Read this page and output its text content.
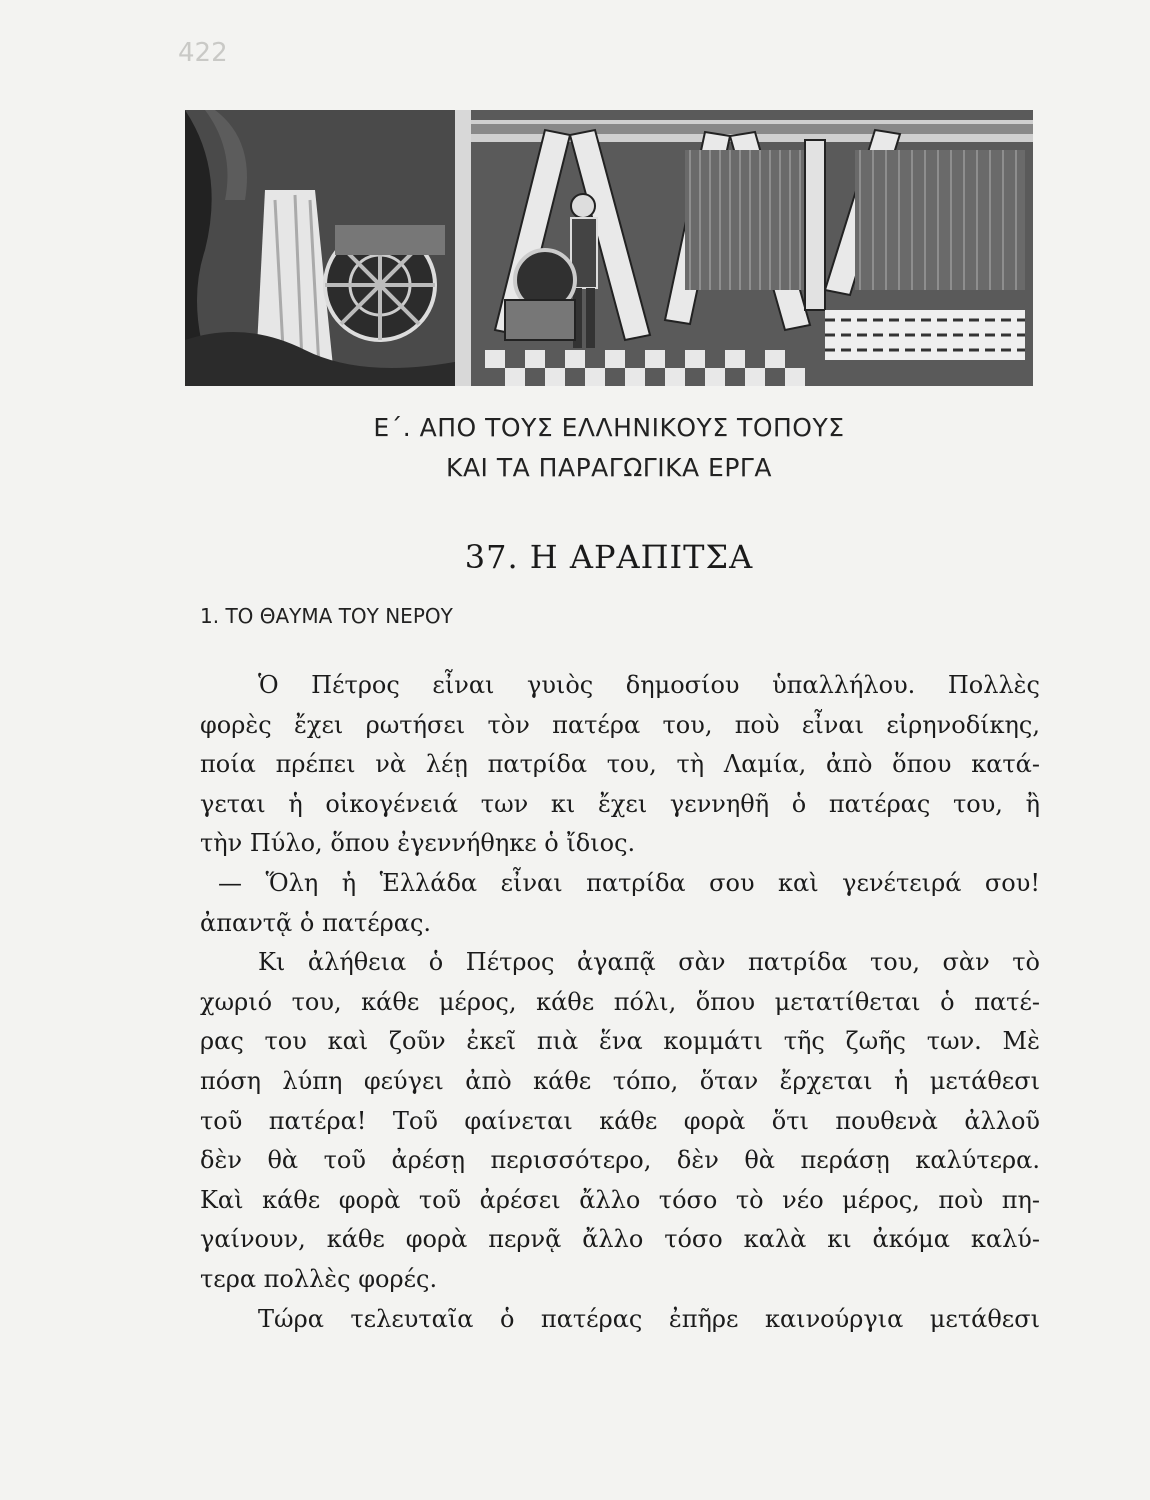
422
Ε΄. ΑΠΟ ΤΟΥΣ ΕΛΛΗΝΙΚΟΥΣ ΤΟΠΟΥΣ
ΚΑΙ ΤΑ ΠΑΡΑΓΩΓΙΚΑ ΕΡΓΑ
37. Η ΑΡΑΠΙΤΣΑ
1. ΤΟ ΘΑΥΜΑ ΤΟΥ ΝΕΡΟΥ
Ὁ Πέτρος εἶναι γυιὸς δημοσίου ὑπαλλήλου. Πολλὲς
φορὲς ἔχει ρωτήσει τὸν πατέρα του, ποὺ εἶναι εἰρηνοδίκης,
ποία πρέπει νὰ λέῃ πατρίδα του, τὴ Λαμία, ἀπὸ ὅπου κατά-
γεται ἡ οἰκογένειά των κι ἔχει γεννηθῆ ὁ πατέρας του, ἢ
τὴν Πύλο, ὅπου ἐγεννήθηκε ὁ ἴδιος.
— Ὅλη ἡ Ἑλλάδα εἶναι πατρίδα σου καὶ γενέτειρά σου!
ἀπαντᾷ ὁ πατέρας.
Κι ἀλήθεια ὁ Πέτρος ἀγαπᾷ σὰν πατρίδα του, σὰν τὸ
χωριό του, κάθε μέρος, κάθε πόλι, ὅπου μετατίθεται ὁ πατέ-
ρας του καὶ ζοῦν ἐκεῖ πιὰ ἕνα κομμάτι τῆς ζωῆς των. Μὲ
πόση λύπη φεύγει ἀπὸ κάθε τόπο, ὅταν ἔρχεται ἡ μετάθεσι
τοῦ πατέρα! Τοῦ φαίνεται κάθε φορὰ ὅτι πουθενὰ ἀλλοῦ
δὲν θὰ τοῦ ἀρέσῃ περισσότερο, δὲν θὰ περάσῃ καλύτερα.
Καὶ κάθε φορὰ τοῦ ἀρέσει ἄλλο τόσο τὸ νέο μέρος, ποὺ πη-
γαίνουν, κάθε φορὰ περνᾷ ἄλλο τόσο καλὰ κι ἀκόμα καλύ-
τερα πολλὲς φορές.
Τώρα τελευταῖα ὁ πατέρας ἐπῆρε καινούργια μετάθεσι
